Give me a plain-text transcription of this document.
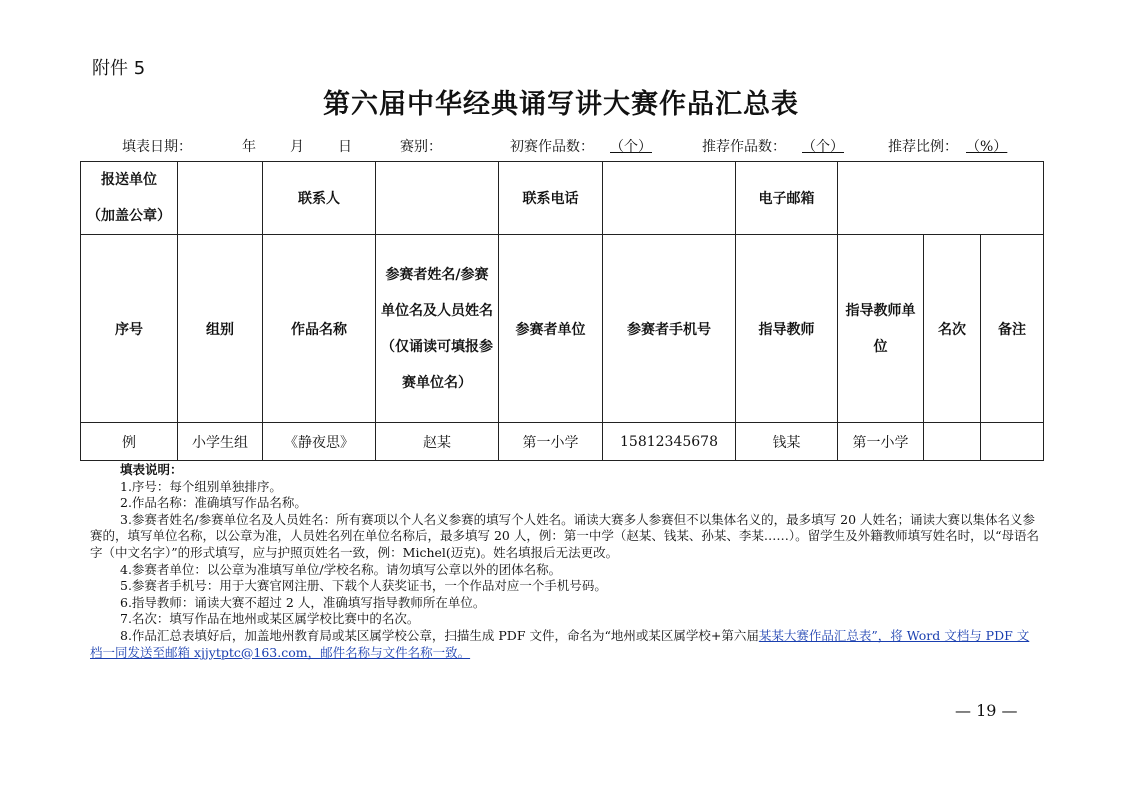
附件 5
第六届中华经典诵写讲大赛作品汇总表
填表日期：	年 月 日	赛别：	初赛作品数： （个）	推荐作品数： （个）	推荐比例： （%）
报送单位
（加盖公章）		联系人		联系电话		电子邮箱			
序号	组别	作品名称	参赛者姓名/参赛单位名及人员姓名（仅诵读可填报参赛单位名）	参赛者单位	参赛者手机号	指导教师	指导教师单位	名次	备注
例	小学生组	《静夜思》	赵某	第一小学	15812345678	钱某	第一小学		
填表说明：
1.序号：每个组别单独排序。
2.作品名称：准确填写作品名称。
3.参赛者姓名/参赛单位名及人员姓名：所有赛项以个人名义参赛的填写个人姓名。诵读大赛多人参赛但不以集体名义的，最多填写 20 人姓名；诵读大赛以集体名义参赛的，填写单位名称，以公章为准，人员姓名列在单位名称后，最多填写 20 人，例：第一中学（赵某、钱某、孙某、李某……）。留学生及外籍教师填写姓名时，以“母语名字（中文名字）”的形式填写，应与护照页姓名一致，例：Michel(迈克)。姓名填报后无法更改。
4.参赛者单位：以公章为准填写单位/学校名称。请勿填写公章以外的团体名称。
5.参赛者手机号：用于大赛官网注册、下载个人获奖证书，一个作品对应一个手机号码。
6.指导教师：诵读大赛不超过 2 人，准确填写指导教师所在单位。
7.名次：填写作品在地州或某区属学校比赛中的名次。
8.作品汇总表填好后，加盖地州教育局或某区属学校公章，扫描生成 PDF 文件，命名为“地州或某区属学校+第六届某某大赛作品汇总表”，将 Word 文档与 PDF 文档一同发送至邮箱 xjjytptc@163.com，邮件名称与文件名称一致。
— 19 —
